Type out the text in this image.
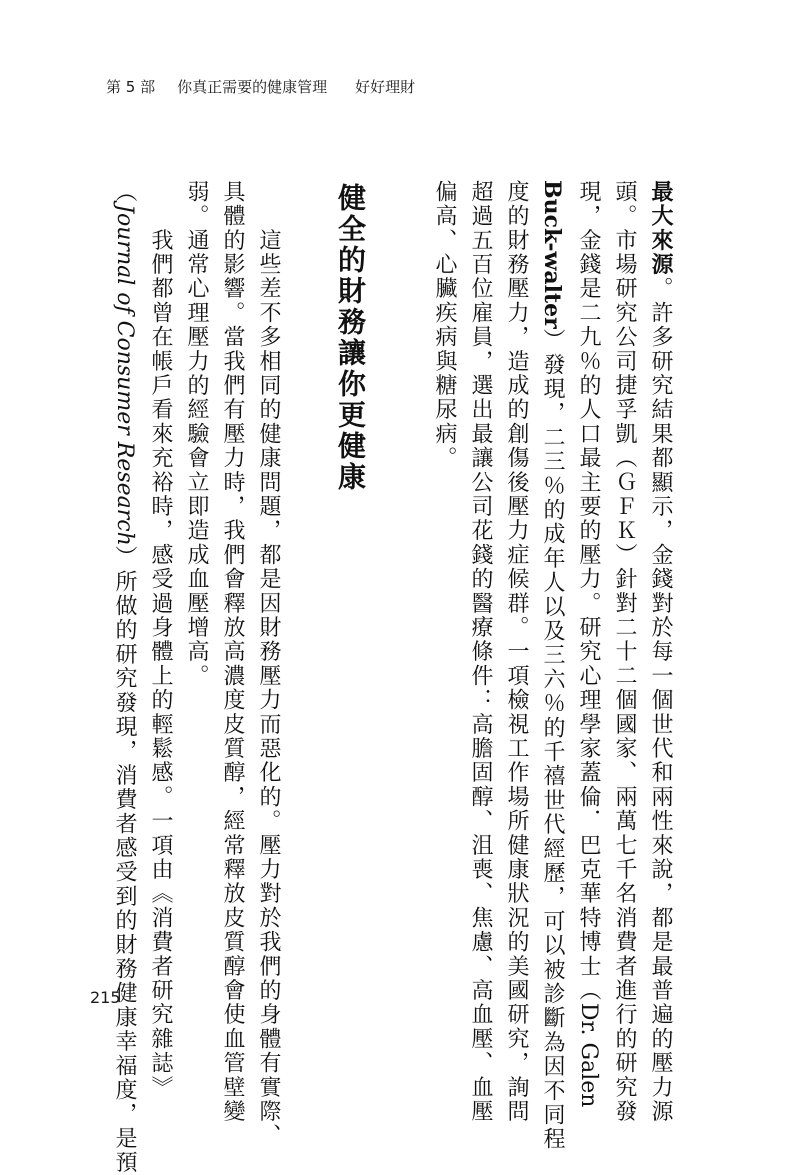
第 5 部 你真正需要的健康管理 好好理財
最大來源。許多研究結果都顯示，金錢對於每一個世代和兩性來說，都是最普遍的壓力源
頭。市場研究公司捷孚凱（ＧＦＫ）針對二十二個國家、兩萬七千名消費者進行的研究發
現，金錢是二九％的人口最主要的壓力。研究心理學家蓋倫．巴克華特博士（Dr. Galen
Buck-walter）發現，二三％的成年人以及三六％的千禧世代經歷，可以被診斷為因不同程
度的財務壓力，造成的創傷後壓力症候群。一項檢視工作場所健康狀況的美國研究，詢問
超過五百位雇員，選出最讓公司花錢的醫療條件：高膽固醇、沮喪、焦慮、高血壓、血壓
偏高、心臟疾病與糖尿病。
健全的財務讓你更健康
　　這些差不多相同的健康問題，都是因財務壓力而惡化的。壓力對於我們的身體有實際、
具體的影響。當我們有壓力時，我們會釋放高濃度皮質醇，經常釋放皮質醇會使血管壁變
弱。通常心理壓力的經驗會立即造成血壓增高。
　　我們都曾在帳戶看來充裕時，感受過身體上的輕鬆感。一項由《消費者研究雜誌》
（Journal of Consumer Research）所做的研究發現，消費者感受到的財務健康幸福度，是預
215
